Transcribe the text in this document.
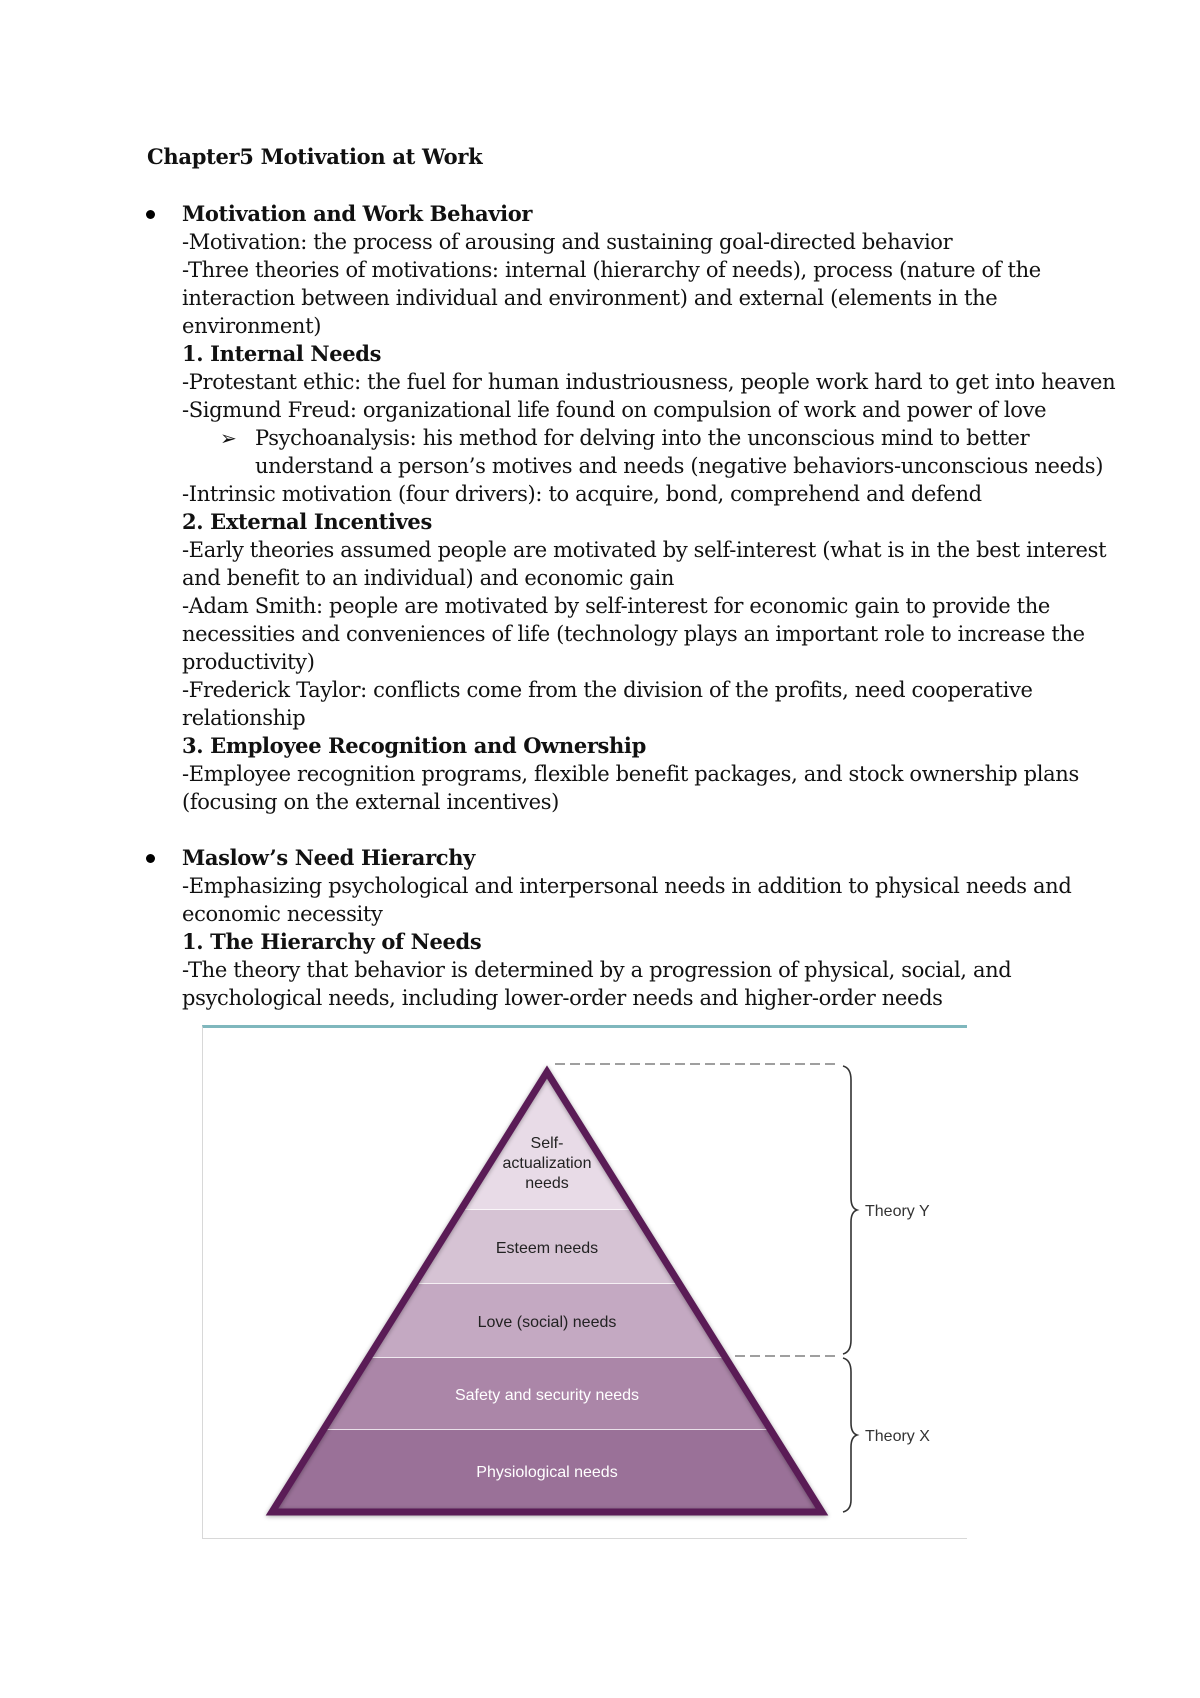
Chapter5 Motivation at Work
Motivation and Work Behavior
-Motivation: the process of arousing and sustaining goal-directed behavior
-Three theories of motivations: internal (hierarchy of needs), process (nature of the
interaction between individual and environment) and external (elements in the
environment)
1. Internal Needs
-Protestant ethic: the fuel for human industriousness, people work hard to get into heaven
-Sigmund Freud: organizational life found on compulsion of work and power of love
➢ Psychoanalysis: his method for delving into the unconscious mind to better
understand a person’s motives and needs (negative behaviors-unconscious needs)
-Intrinsic motivation (four drivers): to acquire, bond, comprehend and defend
2. External Incentives
-Early theories assumed people are motivated by self-interest (what is in the best interest
and benefit to an individual) and economic gain
-Adam Smith: people are motivated by self-interest for economic gain to provide the
necessities and conveniences of life (technology plays an important role to increase the
productivity)
-Frederick Taylor: conflicts come from the division of the profits, need cooperative
relationship
3. Employee Recognition and Ownership
-Employee recognition programs, flexible benefit packages, and stock ownership plans
(focusing on the external incentives)
Maslow’s Need Hierarchy
-Emphasizing psychological and interpersonal needs in addition to physical needs and
economic necessity
1. The Hierarchy of Needs
-The theory that behavior is determined by a progression of physical, social, and
psychological needs, including lower-order needs and higher-order needs
Self-
actualization
needs
Esteem needs
Love (social) needs
Safety and security needs
Physiological needs
Theory Y
Theory X
